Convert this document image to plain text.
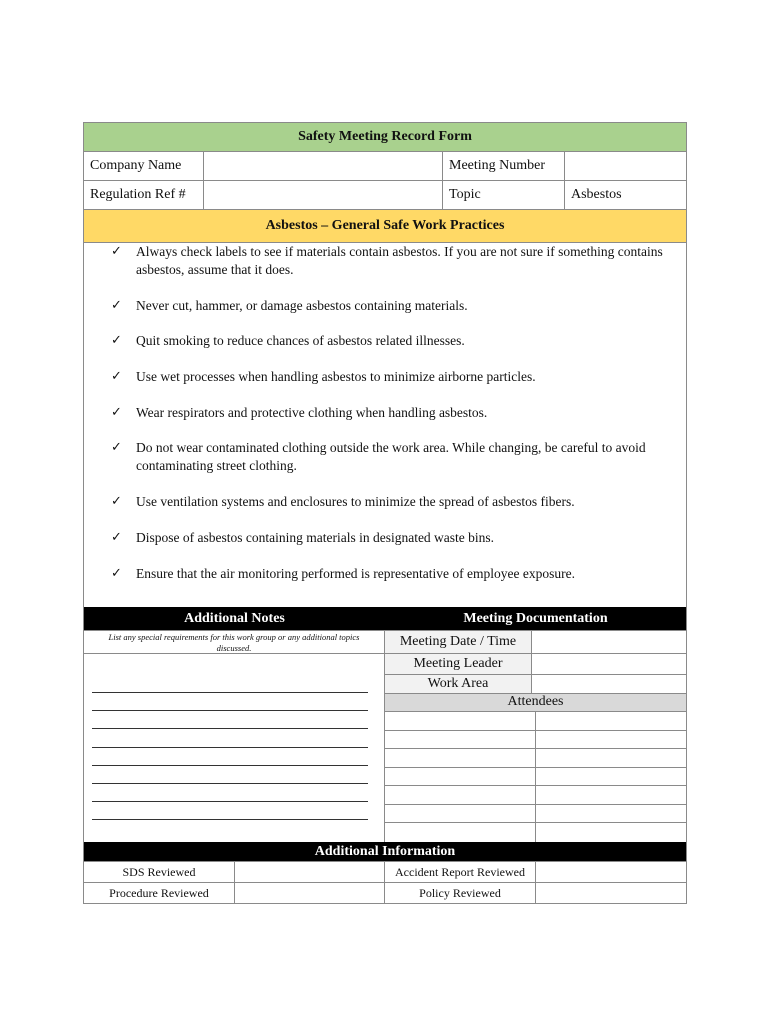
Safety Meeting Record Form
Company Name	Meeting Number
Regulation Ref #	Topic	Asbestos
Asbestos – General Safe Work Practices
✓	Always check labels to see if materials contain asbestos. If you are not sure if something contains asbestos, assume that it does.
✓	Never cut, hammer, or damage asbestos containing materials.
✓	Quit smoking to reduce chances of asbestos related illnesses.
✓	Use wet processes when handling asbestos to minimize airborne particles.
✓	Wear respirators and protective clothing when handling asbestos.
✓	Do not wear contaminated clothing outside the work area. While changing, be careful to avoid contaminating street clothing.
✓	Use ventilation systems and enclosures to minimize the spread of asbestos fibers.
✓	Dispose of asbestos containing materials in designated waste bins.
✓	Ensure that the air monitoring performed is representative of employee exposure.
Additional Notes	Meeting Documentation
List any special requirements for this work group or any additional topics discussed.	Meeting Date / Time
Meeting Leader
Work Area
Attendees
Additional Information
SDS Reviewed	Accident Report Reviewed
Procedure Reviewed	Policy Reviewed
